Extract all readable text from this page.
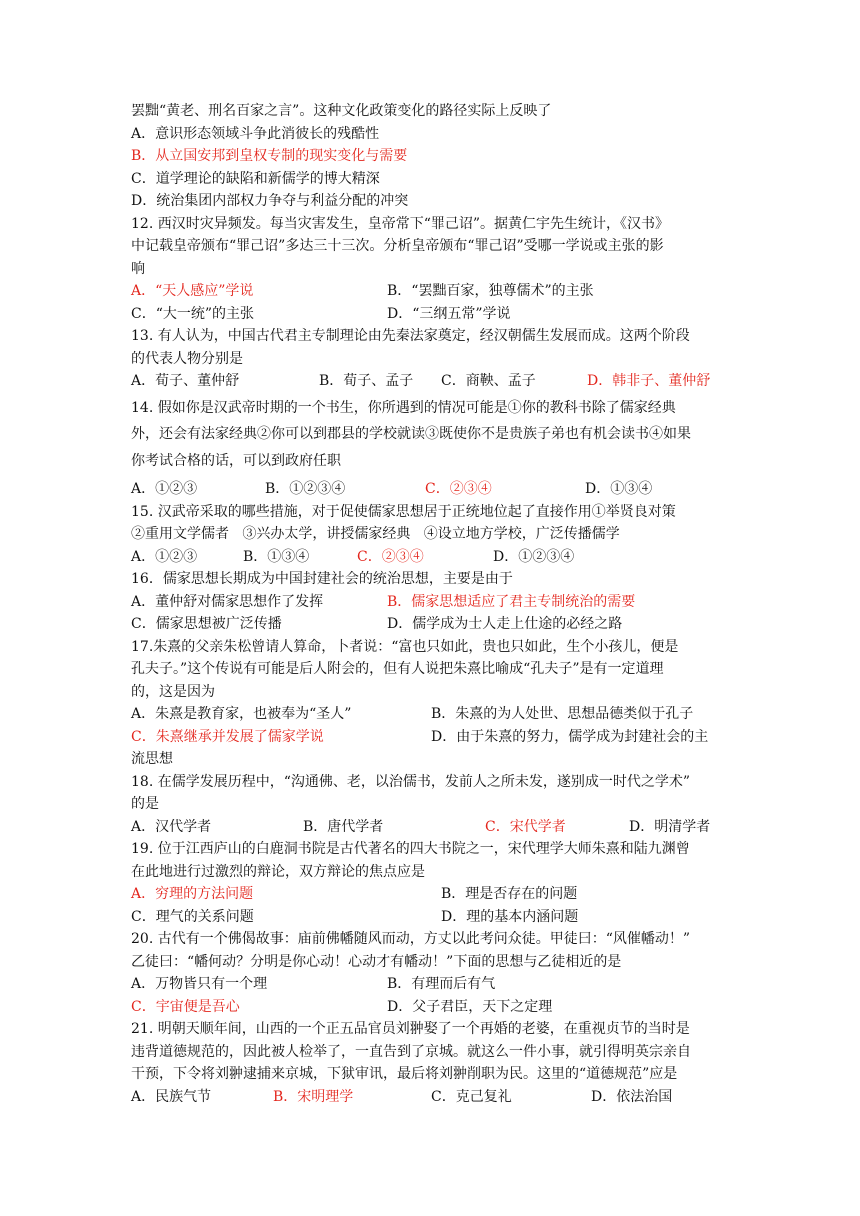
罢黜“黄老、刑名百家之言”。这种文化政策变化的路径实际上反映了
A．意识形态领域斗争此消彼长的残酷性
B．从立国安邦到皇权专制的现实变化与需要
C．道学理论的缺陷和新儒学的博大精深
D．统治集团内部权力争夺与利益分配的冲突
12. 西汉时灾异频发。每当灾害发生，皇帝常下“罪己诏”。据黄仁宇先生统计，《汉书》
中记载皇帝颁布“罪己诏”多达三十三次。分析皇帝颁布“罪己诏”受哪一学说或主张的影
响
A．“天人感应”学说	B．“罢黜百家，独尊儒术”的主张
C．“大一统”的主张	D．“三纲五常”学说
13. 有人认为，中国古代君主专制理论由先秦法家奠定，经汉朝儒生发展而成。这两个阶段
的代表人物分别是
A．荀子、董仲舒	B．荀子、孟子	C．商鞅、孟子	D．韩非子、董仲舒
14. 假如你是汉武帝时期的一个书生，你所遇到的情况可能是①你的教科书除了儒家经典
外，还会有法家经典②你可以到郡县的学校就读③既使你不是贵族子弟也有机会读书④如果
你考试合格的话，可以到政府任职
A．①②③	B．①②③④	C．②③④	D．①③④
15. 汉武帝采取的哪些措施，对于促使儒家思想居于正统地位起了直接作用①举贤良对策
②重用文学儒者   ③兴办太学，讲授儒家经典   ④设立地方学校，广泛传播儒学
A．①②③	B．①③④	C．②③④	D．①②③④
16．儒家思想长期成为中国封建社会的统治思想，主要是由于
A．董仲舒对儒家思想作了发挥	B．儒家思想适应了君主专制统治的需要
C．儒家思想被广泛传播	D．儒学成为士人走上仕途的必经之路
17.朱熹的父亲朱松曾请人算命，卜者说：“富也只如此，贵也只如此，生个小孩儿，便是
孔夫子。”这个传说有可能是后人附会的，但有人说把朱熹比喻成“孔夫子”是有一定道理
的，这是因为
A．朱熹是教育家，也被奉为“圣人”	B．朱熹的为人处世、思想品德类似于孔子
C．朱熹继承并发展了儒家学说	D．由于朱熹的努力，儒学成为封建社会的主
流思想
18. 在儒学发展历程中，“沟通佛、老，以治儒书，发前人之所未发，遂别成一时代之学术”
的是
A．汉代学者	B．唐代学者	C．宋代学者	D．明清学者
19. 位于江西庐山的白鹿洞书院是古代著名的四大书院之一，宋代理学大师朱熹和陆九渊曾
在此地进行过激烈的辩论，双方辩论的焦点应是
A．穷理的方法问题	B．理是否存在的问题
C．理气的关系问题	D．理的基本内涵问题
20. 古代有一个佛偈故事：庙前佛幡随风而动，方丈以此考问众徒。甲徒曰：“风催幡动！”
乙徒曰：“幡何动？分明是你心动！心动才有幡动！”下面的思想与乙徒相近的是
A．万物皆只有一个理	B．有理而后有气
C．宇宙便是吾心	D．父子君臣，天下之定理
21. 明朝天顺年间，山西的一个正五品官员刘翀娶了一个再婚的老婆，在重视贞节的当时是
违背道德规范的，因此被人检举了，一直告到了京城。就这么一件小事，就引得明英宗亲自
干预，下令将刘翀逮捕来京城，下狱审讯，最后将刘翀削职为民。这里的“道德规范”应是
A．民族气节	B．宋明理学	C．克己复礼	D．依法治国
